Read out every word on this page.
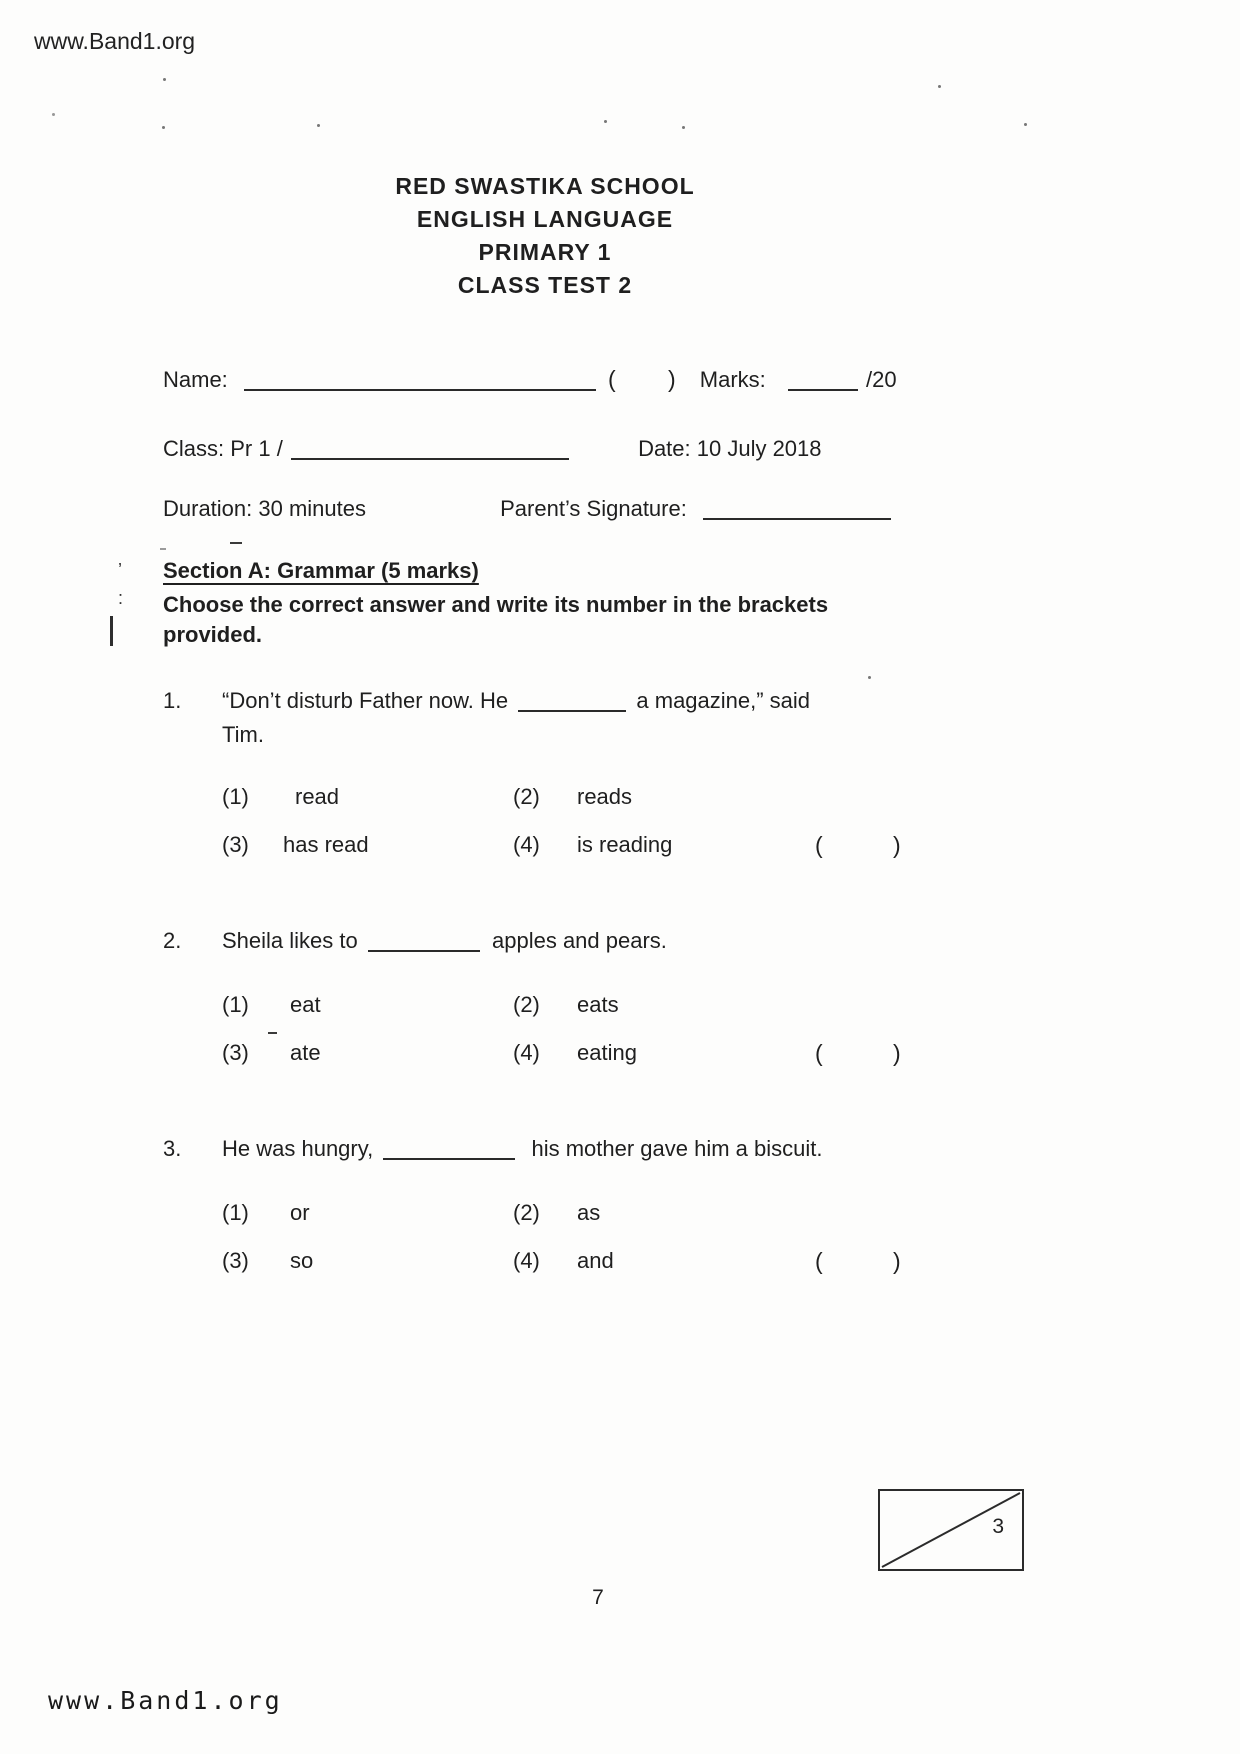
www.Band1.org
RED SWASTIKA SCHOOL
ENGLISH LANGUAGE
PRIMARY 1
CLASS TEST 2
Name:	( ) Marks:	/20
Class: Pr 1 /	Date: 10 July 2018
Duration: 30 minutes	Parent’s Signature:
Section A: Grammar (5 marks)
Choose the correct answer and write its number in the brackets
provided.
1. “Don’t disturb Father now. He	a magazine,” said
Tim.
(1) read	(2) reads
(3) has read	(4) is reading	(	)
2. Sheila likes to	apples and pears.
(1) eat	(2) eats
(3) ate	(4) eating	(	)
3. He was hungry,	his mother gave him a biscuit.
(1) or	(2) as
(3) so	(4) and	(	)
3
7
www.Band1.org
’
:
